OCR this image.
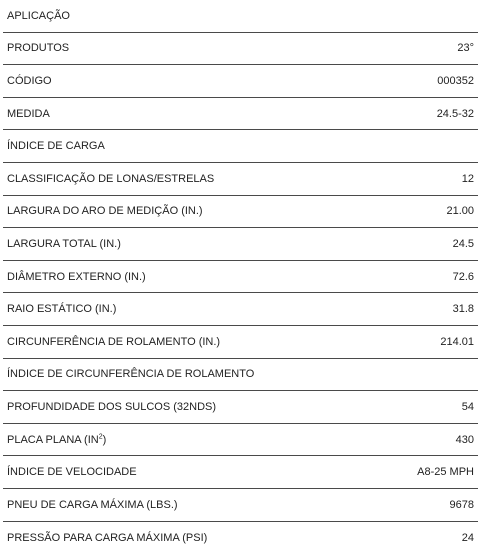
APLICAÇÃO
PRODUTOS	23°
CÓDIGO	000352
MEDIDA	24.5-32
ÍNDICE DE CARGA
CLASSIFICAÇÃO DE LONAS/ESTRELAS	12
LARGURA DO ARO DE MEDIÇÃO (IN.)	21.00
LARGURA TOTAL (IN.)	24.5
DIÂMETRO EXTERNO (IN.)	72.6
RAIO ESTÁTICO (IN.)	31.8
CIRCUNFERÊNCIA DE ROLAMENTO (IN.)	214.01
ÍNDICE DE CIRCUNFERÊNCIA DE ROLAMENTO
PROFUNDIDADE DOS SULCOS (32NDS)	54
PLACA PLANA $(IN^2)$	430
ÍNDICE DE VELOCIDADE	A8-25 MPH
PNEU DE CARGA MÁXIMA (LBS.)	9678
PRESSÃO PARA CARGA MÁXIMA (PSI)	24
